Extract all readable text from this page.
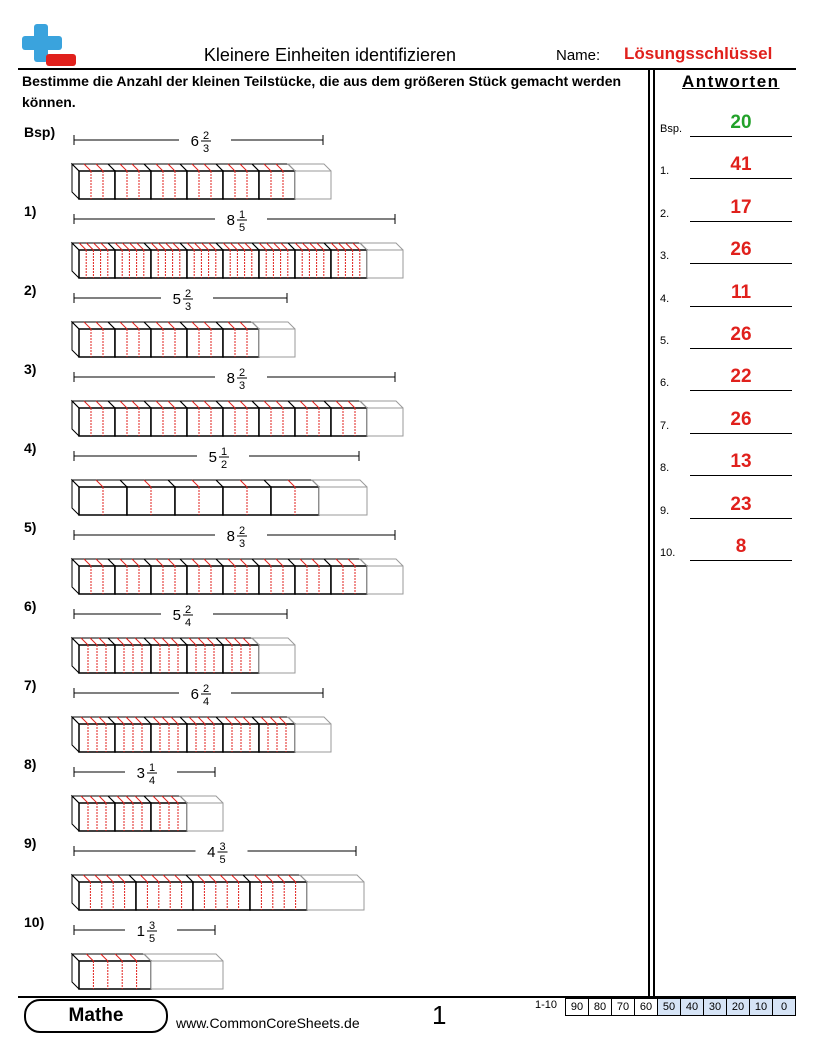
Kleinere Einheiten identifizieren	Name: Lösungsschlüssel
Bestimme die Anzahl der kleinen Teilstücke, die aus dem größeren Stück gemacht werden können.
Antworten
Bsp.	20
1.	41
2.	17
3.	26
4.	11
5.	26
6.	22
7.	26
8.	13
9.	23
10.	8
6 2
3
8 1
5
5 2
3
8 2
3
5 1
2
8 2
3
5 2
4
6 2
4
3 1
4
4 3
5
1 3
5
Bsp)
1)
2)
3)
4)
5)
6)
7)
8)
9)
10)
Mathe	www.CommonCoreSheets.de	1	1-10	90 80 70 60 50 40 30 20 10	0
